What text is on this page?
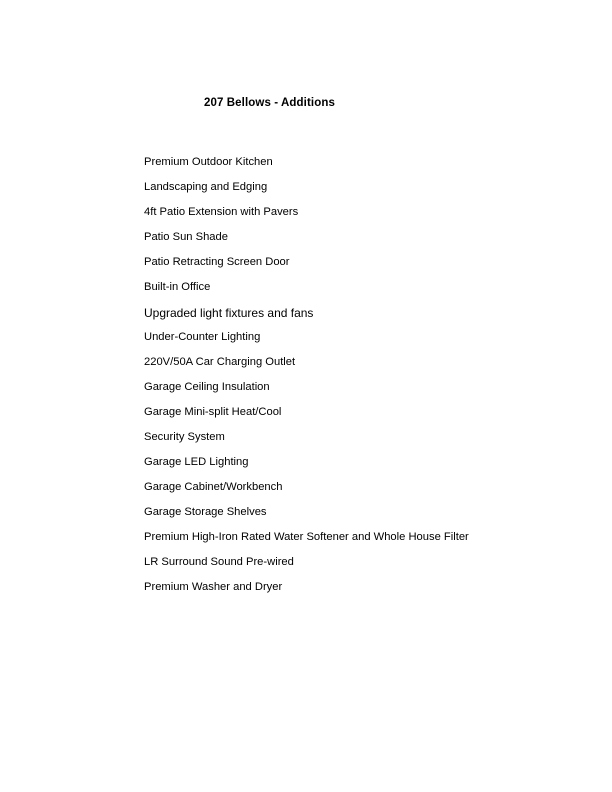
207 Bellows - Additions
Premium Outdoor Kitchen
Landscaping and Edging
4ft Patio Extension with Pavers
Patio Sun Shade
Patio Retracting Screen Door
Built-in Office
Upgraded light fixtures and fans
Under-Counter Lighting
220V/50A Car Charging Outlet
Garage Ceiling Insulation
Garage Mini-split Heat/Cool
Security System
Garage LED Lighting
Garage Cabinet/Workbench
Garage Storage Shelves
Premium High-Iron Rated Water Softener and Whole House Filter
LR Surround Sound Pre-wired
Premium Washer and Dryer
